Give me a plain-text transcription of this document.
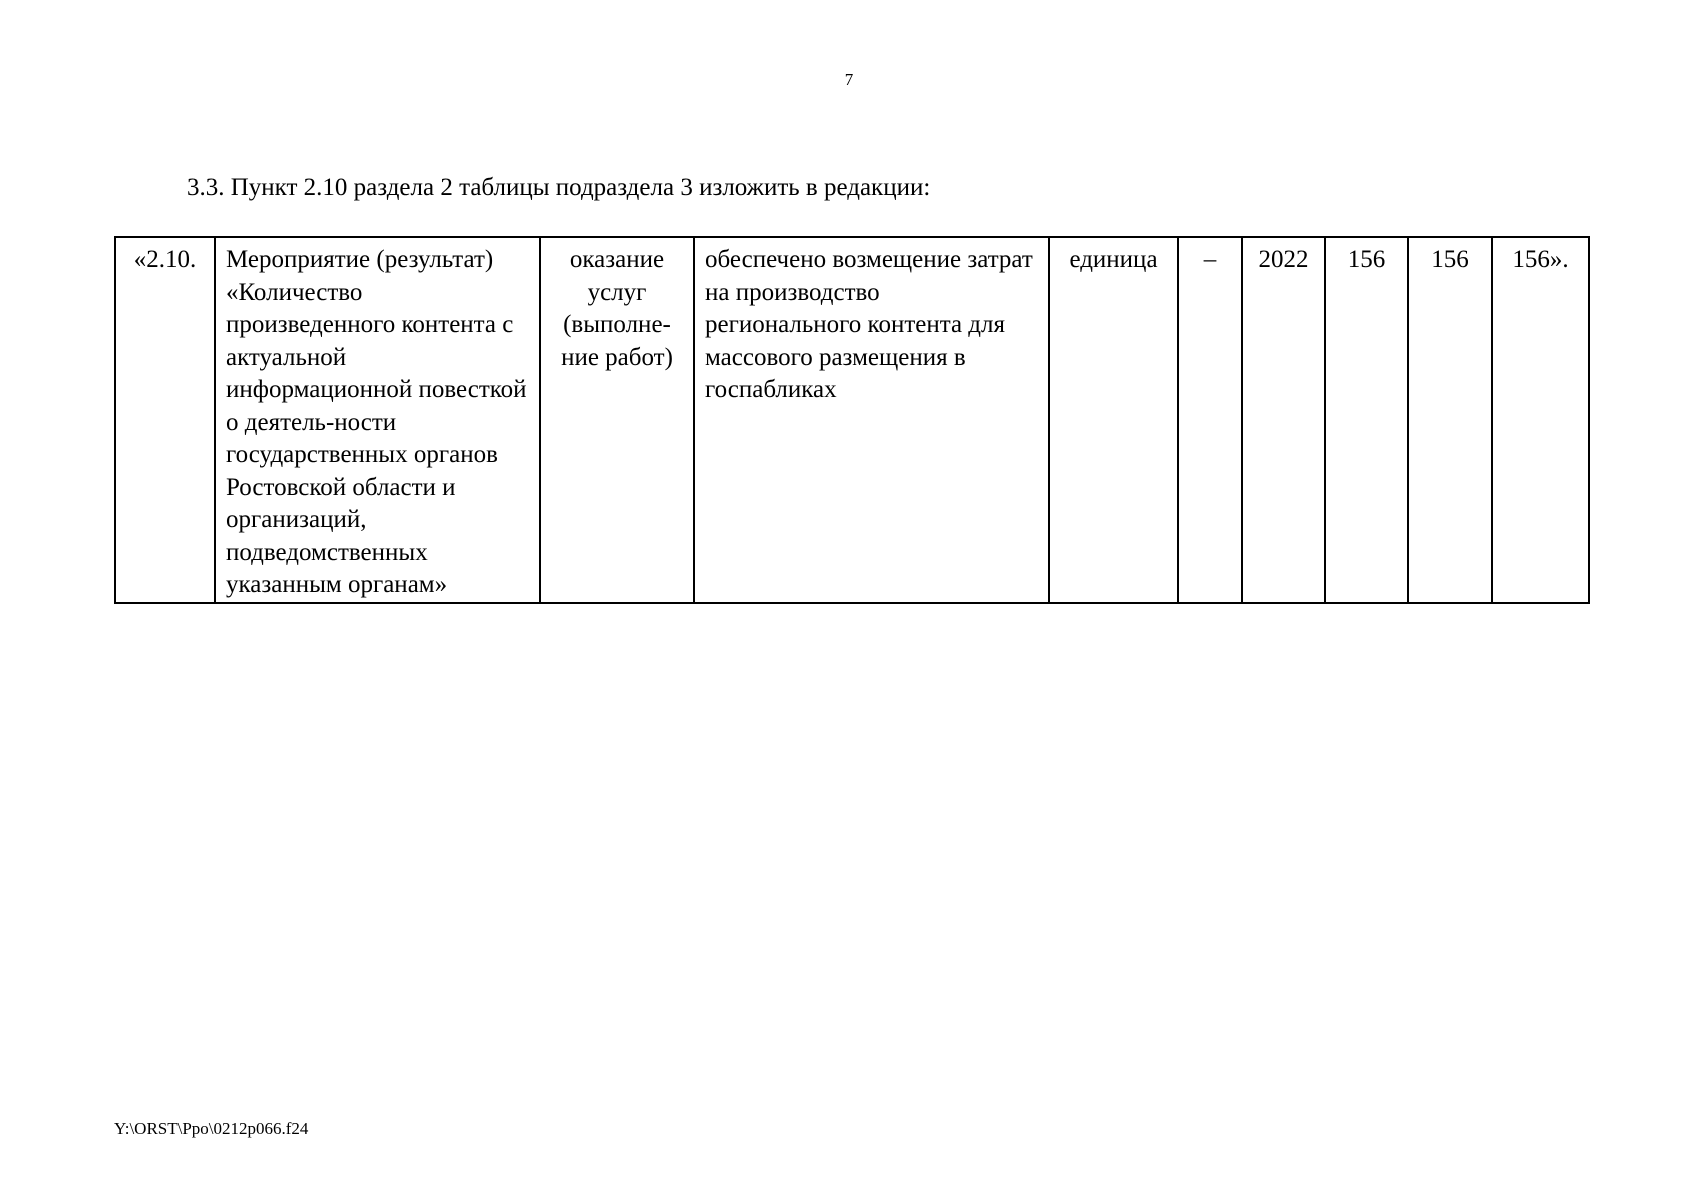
7
3.3. Пункт 2.10 раздела 2 таблицы подраздела 3 изложить в редакции:
«2.10.	Мероприятие (результат) «Количество произведенного контента с актуальной информационной повесткой о деятель-ности государственных органов Ростовской области и организаций, подведомственных указанным органам»	оказание услуг (выполне-ние работ)	обеспечено возмещение затрат на производство регионального контента для массового размещения в госпабликах	единица	–	2022	156	156	156».
Y:\ORST\Ppo\0212p066.f24
